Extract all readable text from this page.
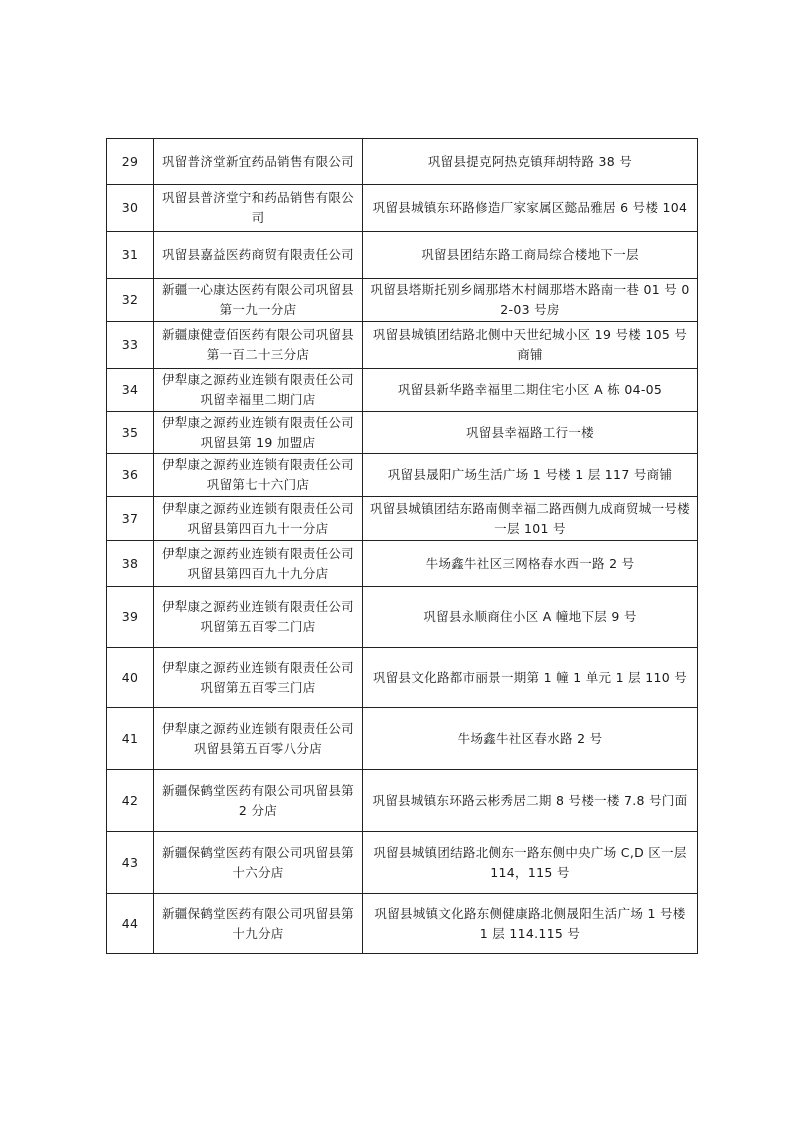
29	巩留普济堂新宜药品销售有限公司	巩留县提克阿热克镇拜胡特路 38 号
30	巩留县普济堂宁和药品销售有限公司	巩留县城镇东环路修造厂家家属区懿品雅居 6 号楼 104
31	巩留县嘉益医药商贸有限责任公司	巩留县团结东路工商局综合楼地下一层
32	新疆一心康达医药有限公司巩留县第一九一分店	巩留县塔斯托别乡阔那塔木村阔那塔木路南一巷 01 号 02-03 号房
33	新疆康健壹佰医药有限公司巩留县第一百二十三分店	巩留县城镇团结路北侧中天世纪城小区 19 号楼 105 号商铺
34	伊犁康之源药业连锁有限责任公司巩留幸福里二期门店	巩留县新华路幸福里二期住宅小区 A 栋 04-05
35	伊犁康之源药业连锁有限责任公司巩留县第 19 加盟店	巩留县幸福路工行一楼
36	伊犁康之源药业连锁有限责任公司巩留第七十六门店	巩留县晟阳广场生活广场 1 号楼 1 层 117 号商铺
37	伊犁康之源药业连锁有限责任公司巩留县第四百九十一分店	巩留县城镇团结东路南侧幸福二路西侧九成商贸城一号楼一层 101 号
38	伊犁康之源药业连锁有限责任公司巩留县第四百九十九分店	牛场鑫牛社区三网格春水西一路 2 号
39	伊犁康之源药业连锁有限责任公司巩留第五百零二门店	巩留县永顺商住小区 A 幢地下层 9 号
40	伊犁康之源药业连锁有限责任公司巩留第五百零三门店	巩留县文化路都市丽景一期第 1 幢 1 单元 1 层 110 号
41	伊犁康之源药业连锁有限责任公司巩留县第五百零八分店	牛场鑫牛社区春水路 2 号
42	新疆保鹤堂医药有限公司巩留县第 2 分店	巩留县城镇东环路云彬秀居二期 8 号楼一楼 7.8 号门面
43	新疆保鹤堂医药有限公司巩留县第十六分店	巩留县城镇团结路北侧东一路东侧中央广场 C,D 区一层 114，115 号
44	新疆保鹤堂医药有限公司巩留县第十九分店	巩留县城镇文化路东侧健康路北侧晟阳生活广场 1 号楼 1 层 114.115 号
